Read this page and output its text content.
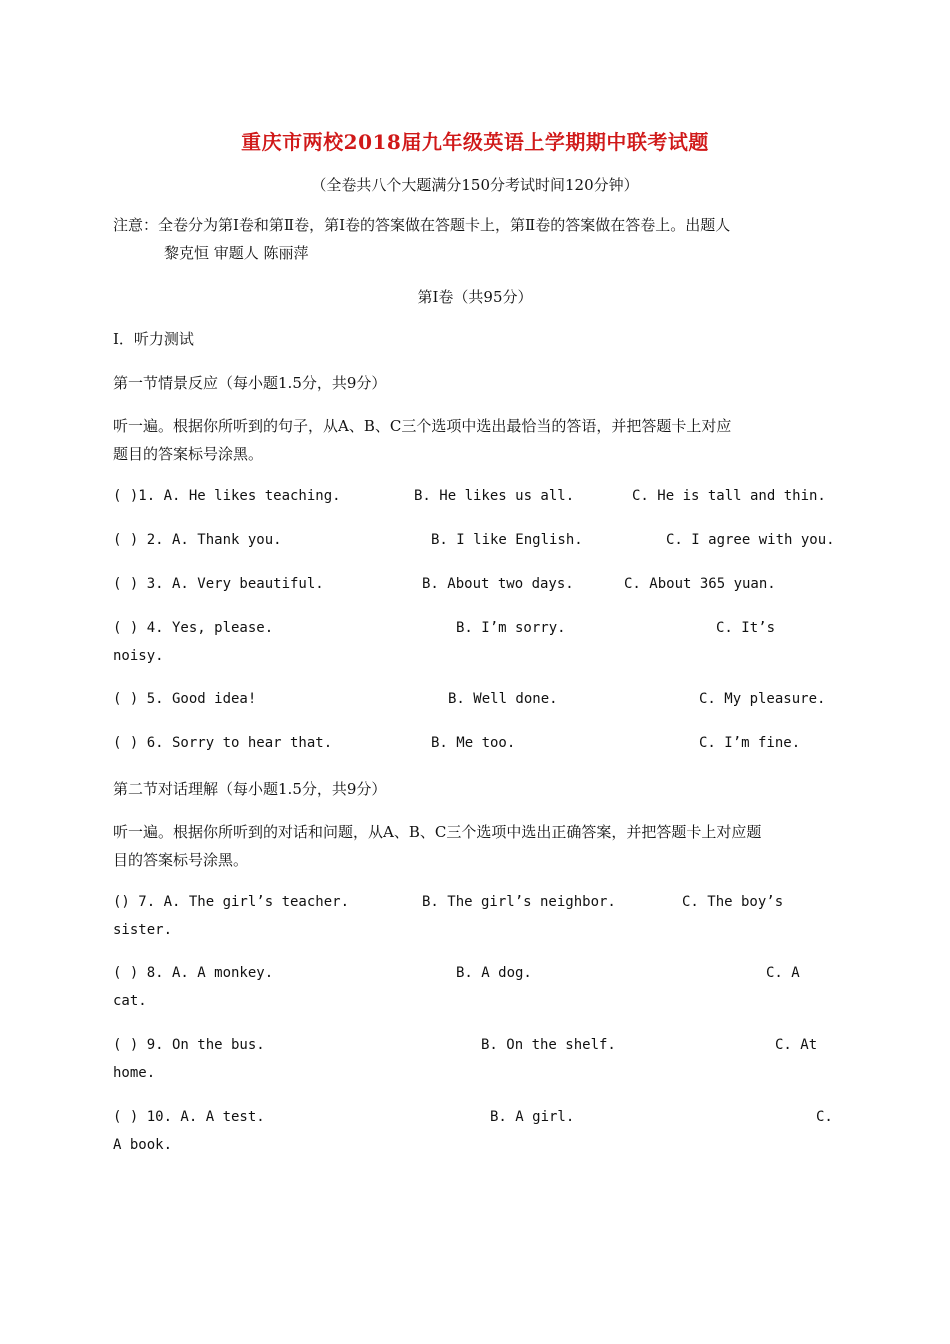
重庆市两校2018届九年级英语上学期期中联考试题
（全卷共八个大题满分150分考试时间120分钟）
注意：全卷分为第Ⅰ卷和第Ⅱ卷，第Ⅰ卷的答案做在答题卡上，第Ⅱ卷的答案做在答卷上。出题人
黎克恒 审题人 陈丽萍
第Ⅰ卷（共95分）
Ⅰ．听力测试
第一节情景反应（每小题1.5分，共9分）
听一遍。根据你所听到的句子，从A、B、C三个选项中选出最恰当的答语，并把答题卡上对应
题目的答案标号涂黑。
( )1. A. He likes teaching.	B. He likes us all.	C. He is tall and thin.
( ) 2. A. Thank you.	B. I like English.	C. I agree with you.
( ) 3. A. Very beautiful.	B. About two days.	C. About 365 yuan.
( ) 4. Yes, please.	B. I’m sorry.	C. It’s
noisy.
( ) 5. Good idea!	B. Well done.	C. My pleasure.
( ) 6. Sorry to hear that.	B. Me too.	C. I’m fine.
第二节对话理解（每小题1.5分，共9分）
听一遍。根据你所听到的对话和问题，从A、B、C三个选项中选出正确答案，并把答题卡上对应题
目的答案标号涂黑。
() 7. A. The girl’s teacher.	B. The girl’s neighbor.	C. The boy’s
sister.
( ) 8. A. A monkey.	B. A dog.	C. A
cat.
( ) 9. On the bus.	B. On the shelf.	C. At
home.
( ) 10. A. A test.	B. A girl.	C.
A book.
